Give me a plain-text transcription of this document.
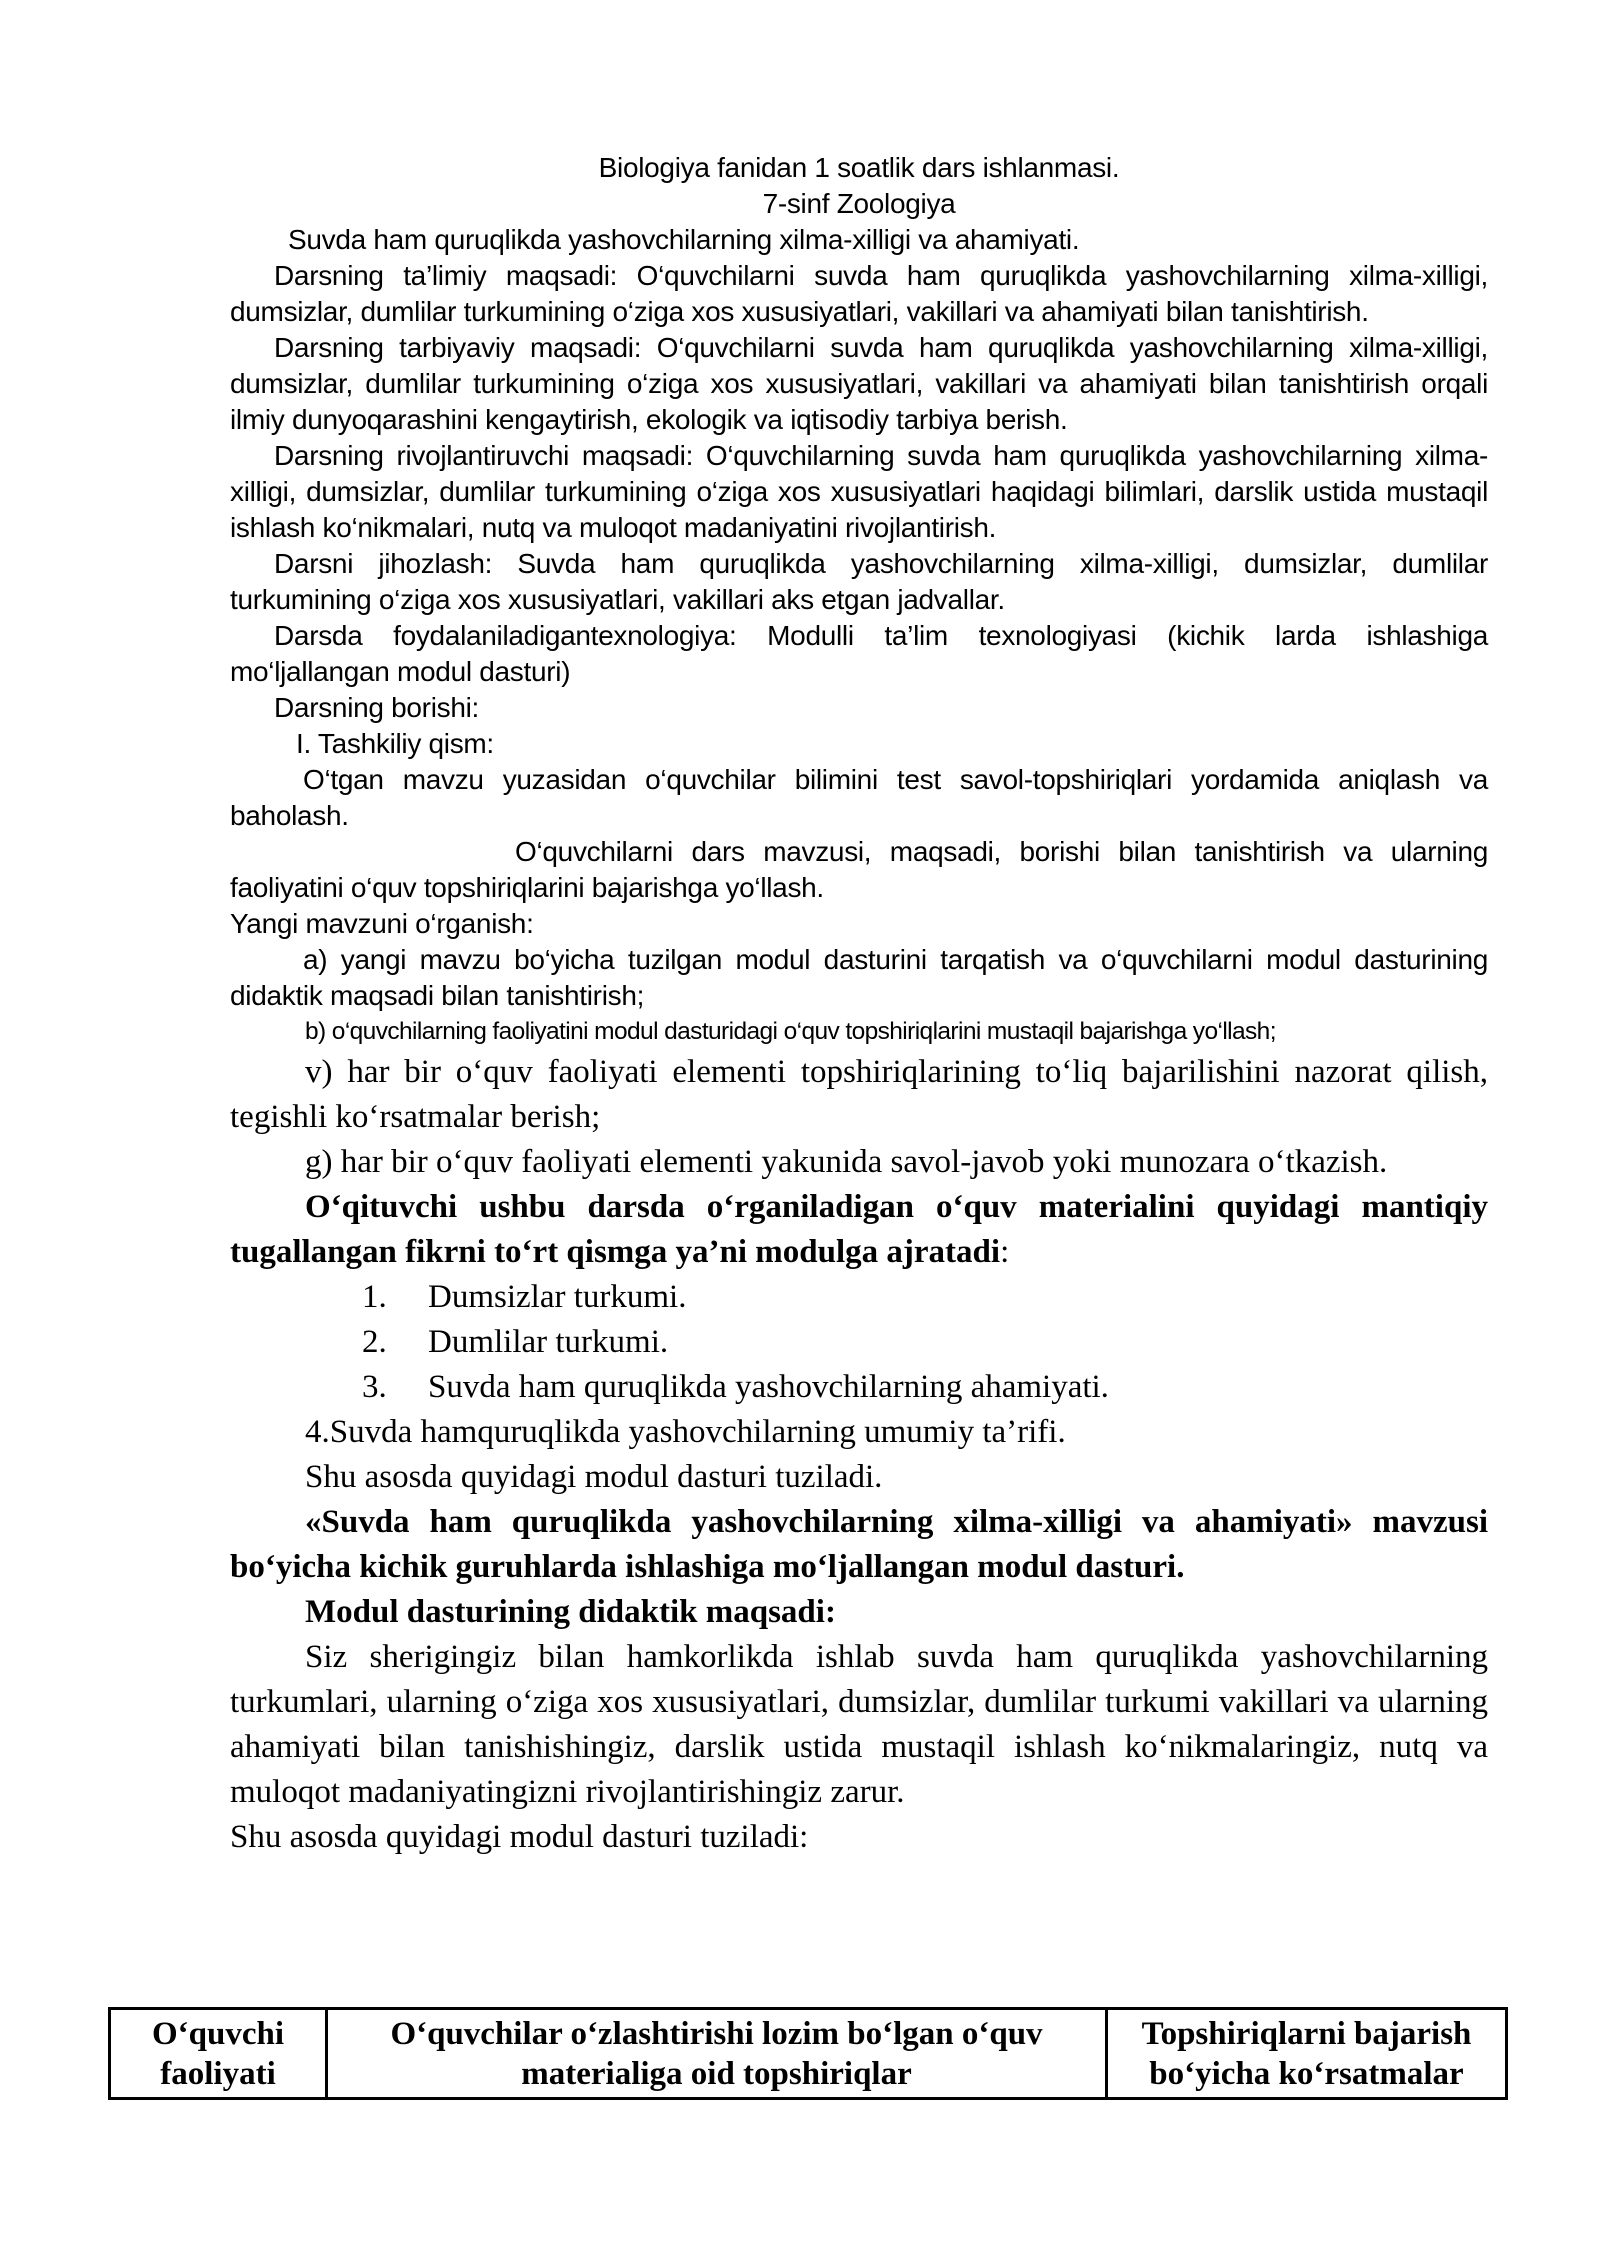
Biologiya fanidan 1 soatlik dars ishlanmasi.

7-sinf Zoologiya

Suvda ham quruqlikda yashovchilarning xilma-xilligi va ahamiyati.

Darsning ta’limiy maqsadi: O‘quvchilarni suvda ham quruqlikda yashovchilarning xilma-xilligi, dumsizlar, dumlilar turkumining o‘ziga xos xususiyatlari, vakillari va ahamiyati bilan tanishtirish.

Darsning tarbiyaviy maqsadi: O‘quvchilarni suvda ham quruqlikda yashovchilarning xilma-xilligi, dumsizlar, dumlilar turkumining o‘ziga xos xususiyatlari, vakillari va ahamiyati bilan tanishtirish orqali ilmiy dunyoqarashini kengaytirish, ekologik va iqtisodiy tarbiya berish.

Darsning rivojlantiruvchi maqsadi: O‘quvchilarning suvda ham quruqlikda yashovchilarning xilma-xilligi, dumsizlar, dumlilar turkumining o‘ziga xos xususiyatlari haqidagi bilimlari, darslik ustida mustaqil ishlash ko‘nikmalari, nutq va muloqot madaniyatini rivojlantirish.

Darsni jihozlash: Suvda ham quruqlikda yashovchilarning xilma-xilligi, dumsizlar, dumlilar turkumining o‘ziga xos xususiyatlari, vakillari aks etgan jadvallar.

Darsda foydalaniladigantexnologiya: Modulli ta’lim texnologiyasi (kichik larda ishlashiga mo‘ljallangan modul dasturi)

Darsning borishi:

I. Tashkiliy qism:

O‘tgan mavzu yuzasidan o‘quvchilar bilimini test savol-topshiriqlari yordamida aniqlash va baholash.

O‘quvchilarni dars mavzusi, maqsadi, borishi bilan tanishtirish va ularning faoliyatini o‘quv topshiriqlarini bajarishga yo‘llash.

Yangi mavzuni o‘rganish:

a) yangi mavzu bo‘yicha tuzilgan modul dasturini tarqatish va o‘quvchilarni modul dasturining didaktik maqsadi bilan tanishtirish;

b) o‘quvchilarning faoliyatini modul dasturidagi o‘quv topshiriqlarini mustaqil bajarishga yo‘llash;

v) har bir o‘quv faoliyati elementi topshiriqlarining to‘liq bajarilishini nazorat qilish, tegishli ko‘rsatmalar berish;

g) har bir o‘quv faoliyati elementi yakunida savol-javob yoki munozara o‘tkazish.

O‘qituvchi ushbu darsda o‘rganiladigan o‘quv materialini quyidagi mantiqiy tugallangan fikrni to‘rt qismga ya’ni modulga ajratadi:

1. Dumsizlar turkumi.

2. Dumlilar turkumi.

3. Suvda ham quruqlikda yashovchilarning ahamiyati.

4.Suvda hamquruqlikda yashovchilarning umumiy ta’rifi.

Shu asosda quyidagi modul dasturi tuziladi.

«Suvda ham quruqlikda yashovchilarning xilma-xilligi va ahamiyati» mavzusi bo‘yicha kichik guruhlarda ishlashiga mo‘ljallangan modul dasturi.

Modul dasturining didaktik maqsadi:

Siz sherigingiz bilan hamkorlikda ishlab suvda ham quruqlikda yashovchilarning turkumlari, ularning o‘ziga xos xususiyatlari, dumsizlar, dumlilar turkumi vakillari va ularning ahamiyati bilan tanishishingiz, darslik ustida mustaqil ishlash ko‘nikmalaringiz, nutq va muloqot madaniyatingizni rivojlantirishingiz zarur.

Shu asosda quyidagi modul dasturi tuziladi:

O‘quvchi faoliyati	O‘quvchilar o‘zlashtirishi lozim bo‘lgan o‘quv materialiga oid topshiriqlar	Topshiriqlarni bajarish bo‘yicha ko‘rsatmalar
